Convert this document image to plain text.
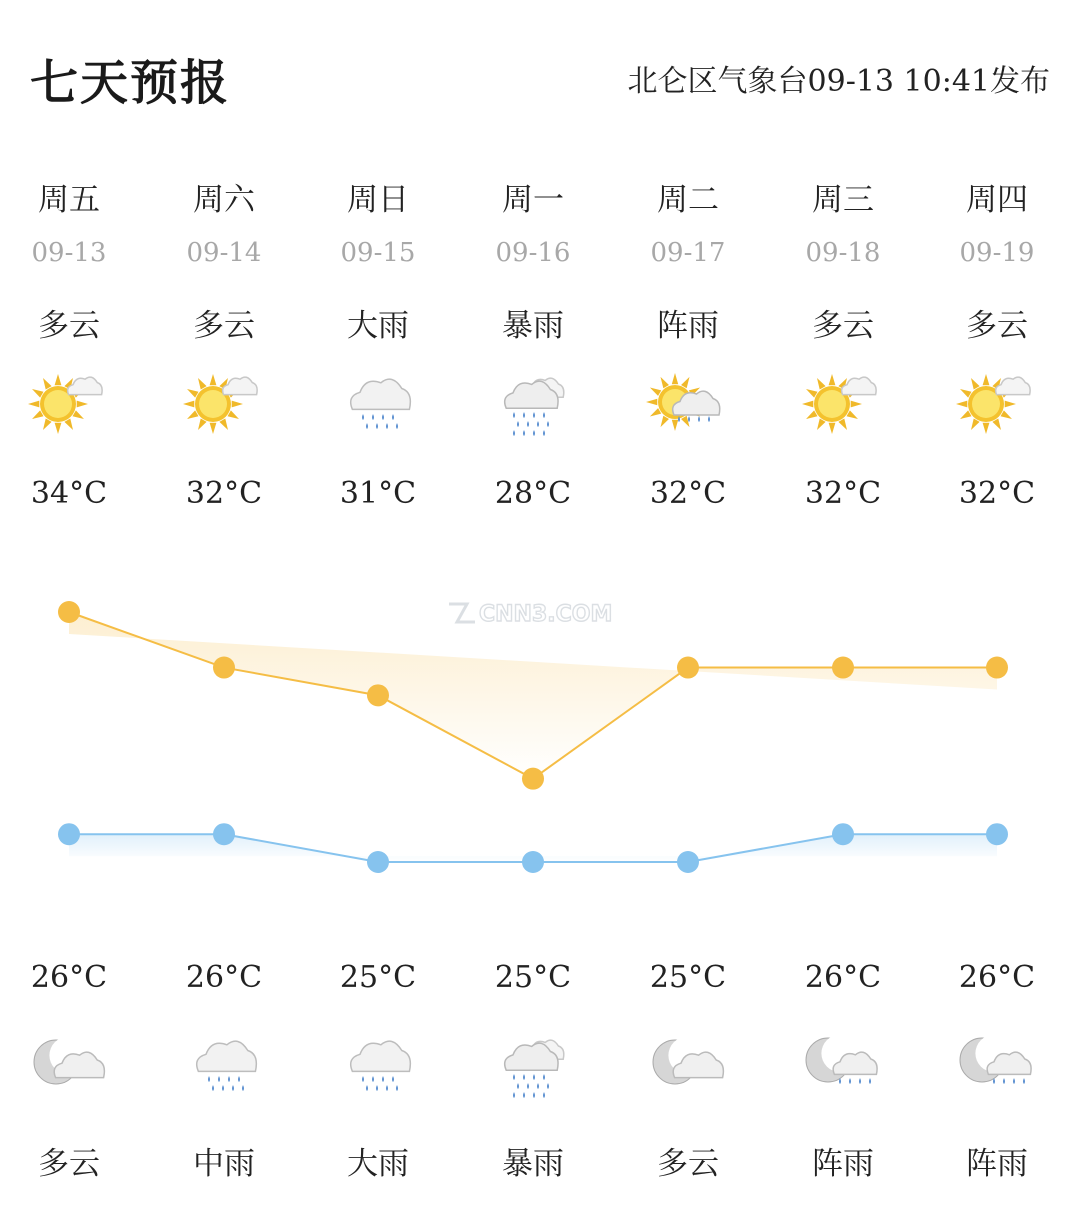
七天预报	北仑区气象台09-13 10:41发布
周五
09-13
多云
34°C
26°C
多云
周六
09-14
多云
32°C
26°C
中雨
周日
09-15
大雨
31°C
25°C
大雨
周一
09-16
暴雨
28°C
25°C
暴雨
周二
09-17
阵雨
32°C
25°C
多云
周三
09-18
多云
32°C
26°C
阵雨
周四
09-19
多云
32°C
26°C
阵雨
CNN3.COM
